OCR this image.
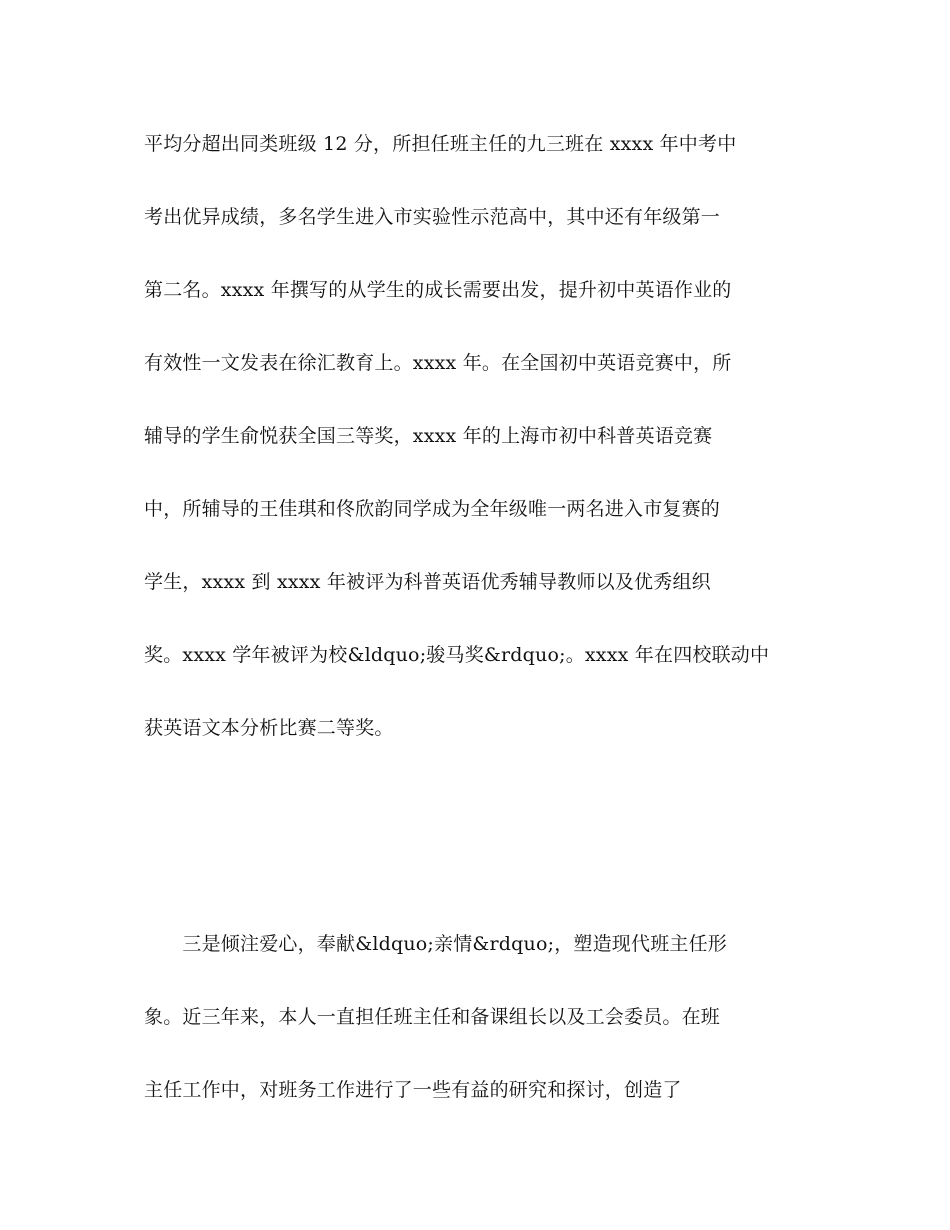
平均分超出同类班级 12 分，所担任班主任的九三班在 xxxx 年中考中
考出优异成绩，多名学生进入市实验性示范高中，其中还有年级第一
第二名。xxxx 年撰写的从学生的成长需要出发，提升初中英语作业的
有效性一文发表在徐汇教育上。xxxx 年。在全国初中英语竞赛中，所
辅导的学生俞悦获全国三等奖，xxxx 年的上海市初中科普英语竞赛
中，所辅导的王佳琪和佟欣韵同学成为全年级唯一两名进入市复赛的
学生，xxxx 到 xxxx 年被评为科普英语优秀辅导教师以及优秀组织
奖。xxxx 学年被评为校&ldquo;骏马奖&rdquo;。xxxx 年在四校联动中
获英语文本分析比赛二等奖。
　　三是倾注爱心，奉献&ldquo;亲情&rdquo;，塑造现代班主任形
象。近三年来，本人一直担任班主任和备课组长以及工会委员。在班
主任工作中，对班务工作进行了一些有益的研究和探讨，创造了
